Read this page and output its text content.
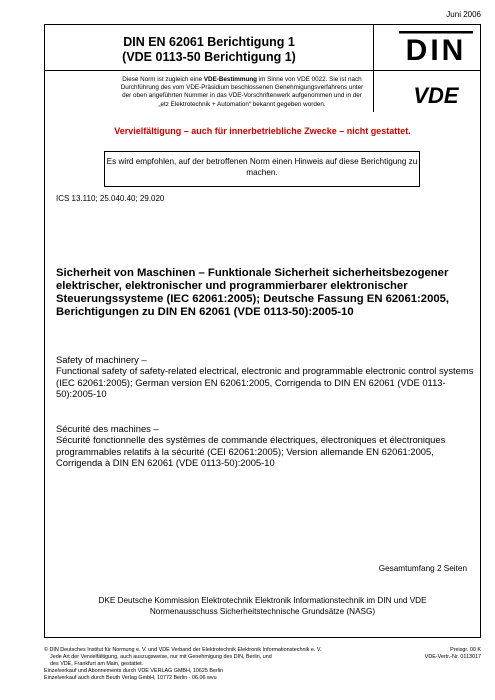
Juni 2006
DIN EN 62061 Berichtigung 1
(VDE 0113-50 Berichtigung 1)	DIN
VDE
Diese Norm ist zugleich eine VDE-Bestimmung im Sinne von VDE 0022. Sie ist nach Durchführung des vom VDE-Präsidium beschlossenen Genehmigungsverfahrens unter der oben angeführten Nummer in das VDE-Vorschriftenwerk aufgenommen und in der „etz Elektrotechnik + Automation“ bekannt gegeben worden.
Vervielfältigung – auch für innerbetriebliche Zwecke – nicht gestattet.
Es wird empfohlen, auf der betroffenen Norm einen Hinweis auf diese Berichtigung zu machen.
ICS 13.110; 25.040.40; 29.020
Sicherheit von Maschinen – Funktionale Sicherheit sicherheitsbezogener elektrischer, elektronischer und programmierbarer elektronischer Steuerungssysteme (IEC 62061:2005); Deutsche Fassung EN 62061:2005, Berichtigungen zu DIN EN 62061 (VDE 0113-50):2005-10
Safety of machinery –
Functional safety of safety-related electrical, electronic and programmable electronic control systems (IEC 62061:2005); German version EN 62061:2005, Corrigenda to DIN EN 62061 (VDE 0113-50):2005-10
Sécurité des machines –
Sécurité fonctionnelle des systèmes de commande électriques, électroniques et électroniques programmables relatifs à la sécurité (CEI 62061:2005); Version allemande EN 62061:2005, Corrigenda à DIN EN 62061 (VDE 0113-50):2005-10
Gesamtumfang 2 Seiten
DKE Deutsche Kommission Elektrotechnik Elektronik Informationstechnik im DIN und VDE
Normenausschuss Sicherheitstechnische Grundsätze (NASG)
© DIN Deutsches Institut für Normung e. V. und VDE Verband der Elektrotechnik Elektronik Informationstechnik e. V.
Jede Art der Vervielfältigung, auch auszugsweise, nur mit Genehmigung des DIN, Berlin, und
des VDE, Frankfurt am Main, gestattet.
Einzelverkauf und Abonnements durch VDE VERLAG GMBH, 10625 Berlin
Einzelverkauf auch durch Beuth Verlag GmbH, 10772 Berlin · 06.06 wvu
Preisgr. 00 K
VDE-Vertr.-Nr. 0113017
